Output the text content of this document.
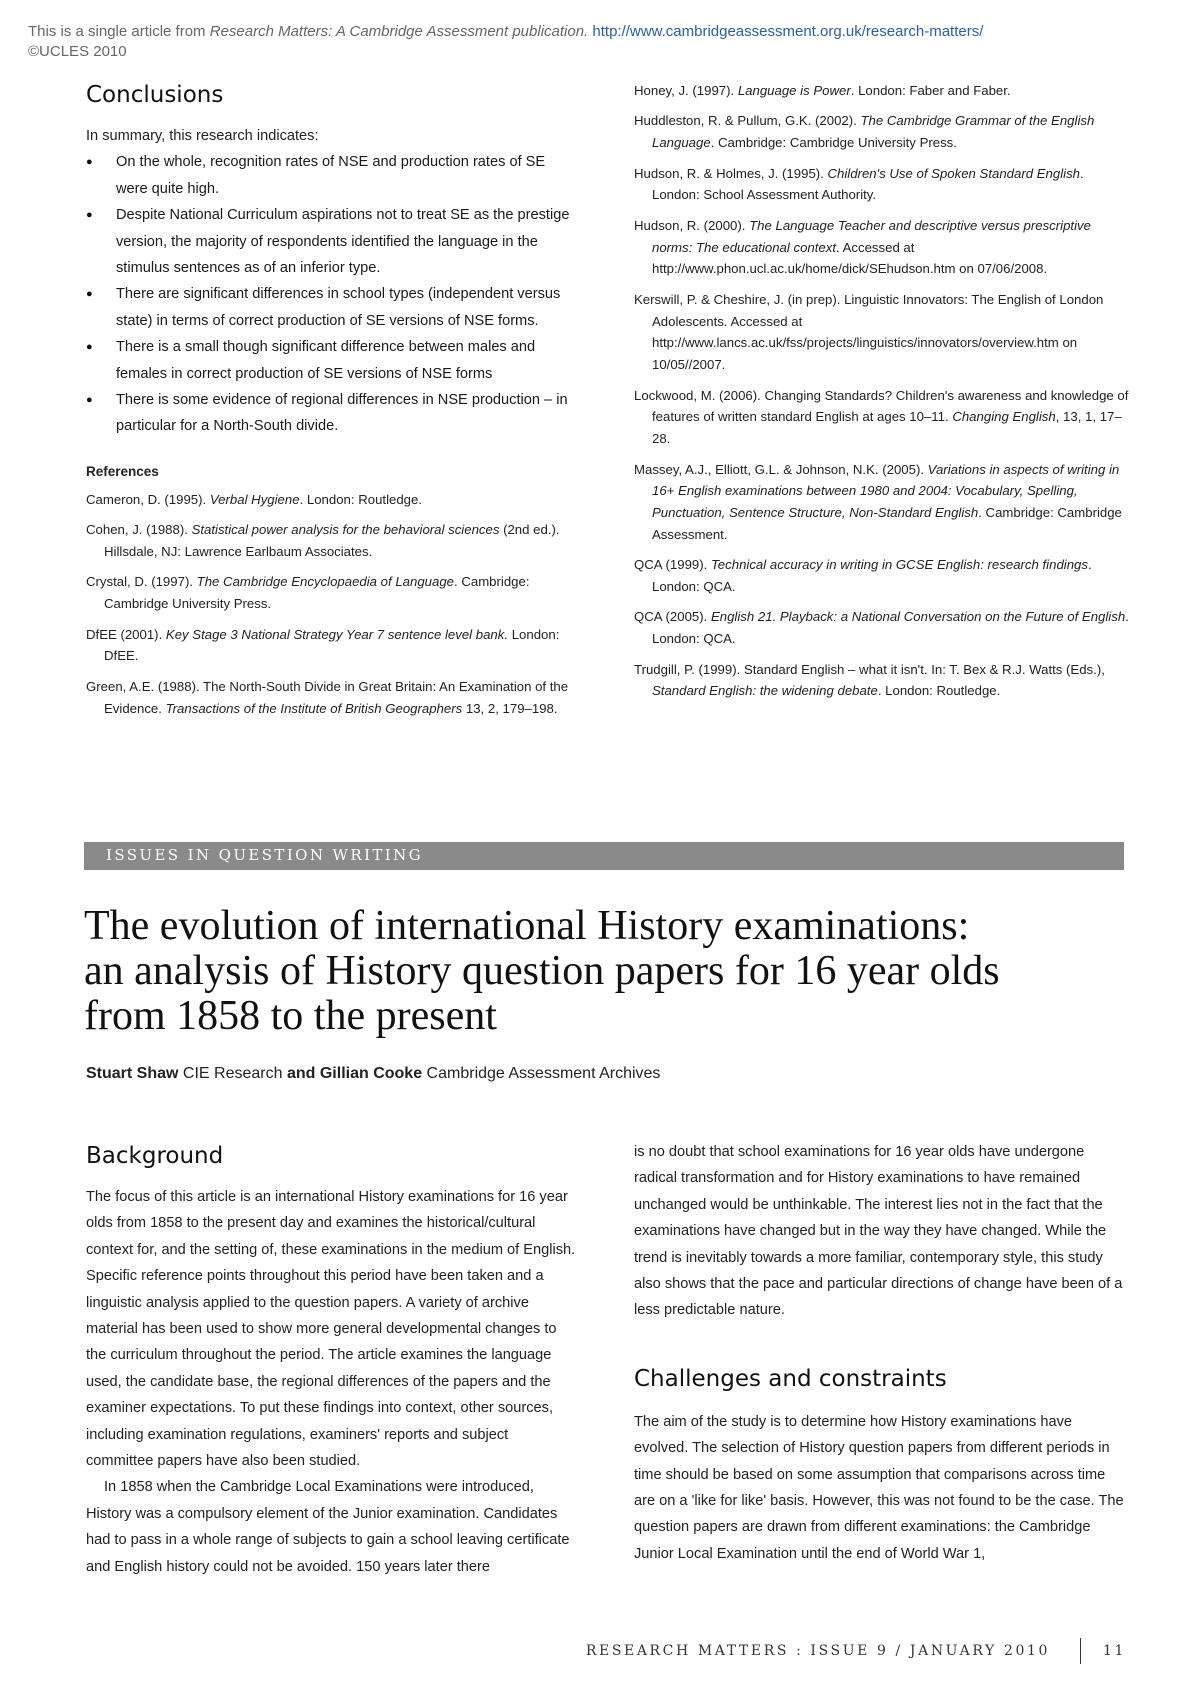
This is a single article from Research Matters: A Cambridge Assessment publication. http://www.cambridgeassessment.org.uk/research-matters/
©UCLES 2010
Conclusions
In summary, this research indicates:
● On the whole, recognition rates of NSE and production rates of SE were quite high.
● Despite National Curriculum aspirations not to treat SE as the prestige version, the majority of respondents identified the language in the stimulus sentences as of an inferior type.
● There are significant differences in school types (independent versus state) in terms of correct production of SE versions of NSE forms.
● There is a small though significant difference between males and females in correct production of SE versions of NSE forms
● There is some evidence of regional differences in NSE production – in particular for a North-South divide.
References
Cameron, D. (1995). Verbal Hygiene. London: Routledge.
Cohen, J. (1988). Statistical power analysis for the behavioral sciences (2nd ed.). Hillsdale, NJ: Lawrence Earlbaum Associates.
Crystal, D. (1997). The Cambridge Encyclopaedia of Language. Cambridge: Cambridge University Press.
DfEE (2001). Key Stage 3 National Strategy Year 7 sentence level bank. London: DfEE.
Green, A.E. (1988). The North-South Divide in Great Britain: An Examination of the Evidence. Transactions of the Institute of British Geographers 13, 2, 179–198.
Honey, J. (1997). Language is Power. London: Faber and Faber.
Huddleston, R. & Pullum, G.K. (2002). The Cambridge Grammar of the English Language. Cambridge: Cambridge University Press.
Hudson, R. & Holmes, J. (1995). Children's Use of Spoken Standard English. London: School Assessment Authority.
Hudson, R. (2000). The Language Teacher and descriptive versus prescriptive norms: The educational context. Accessed at http://www.phon.ucl.ac.uk/home/dick/SEhudson.htm on 07/06/2008.
Kerswill, P. & Cheshire, J. (in prep). Linguistic Innovators: The English of London Adolescents. Accessed at http://www.lancs.ac.uk/fss/projects/linguistics/innovators/overview.htm on 10/05//2007.
Lockwood, M. (2006). Changing Standards? Children's awareness and knowledge of features of written standard English at ages 10–11. Changing English, 13, 1, 17–28.
Massey, A.J., Elliott, G.L. & Johnson, N.K. (2005). Variations in aspects of writing in 16+ English examinations between 1980 and 2004: Vocabulary, Spelling, Punctuation, Sentence Structure, Non-Standard English. Cambridge: Cambridge Assessment.
QCA (1999). Technical accuracy in writing in GCSE English: research findings. London: QCA.
QCA (2005). English 21. Playback: a National Conversation on the Future of English. London: QCA.
Trudgill, P. (1999). Standard English – what it isn't. In: T. Bex & R.J. Watts (Eds.), Standard English: the widening debate. London: Routledge.
ISSUES IN QUESTION WRITING
The evolution of international History examinations:
an analysis of History question papers for 16 year olds
from 1858 to the present
Stuart Shaw CIE Research and Gillian Cooke Cambridge Assessment Archives
Background

The focus of this article is an international History examinations for 16 year olds from 1858 to the present day and examines the historical/cultural context for, and the setting of, these examinations in the medium of English. Specific reference points throughout this period have been taken and a linguistic analysis applied to the question papers. A variety of archive material has been used to show more general developmental changes to the curriculum throughout the period. The article examines the language used, the candidate base, the regional differences of the papers and the examiner expectations. To put these findings into context, other sources, including examination regulations, examiners' reports and subject committee papers have also been studied.

In 1858 when the Cambridge Local Examinations were introduced, History was a compulsory element of the Junior examination. Candidates had to pass in a whole range of subjects to gain a school leaving certificate and English history could not be avoided. 150 years later there

is no doubt that school examinations for 16 year olds have undergone radical transformation and for History examinations to have remained unchanged would be unthinkable. The interest lies not in the fact that the examinations have changed but in the way they have changed. While the trend is inevitably towards a more familiar, contemporary style, this study also shows that the pace and particular directions of change have been of a less predictable nature.

Challenges and constraints

The aim of the study is to determine how History examinations have evolved. The selection of History question papers from different periods in time should be based on some assumption that comparisons across time are on a 'like for like' basis. However, this was not found to be the case. The question papers are drawn from different examinations: the Cambridge Junior Local Examination until the end of World War 1,

RESEARCH MATTERS : ISSUE 9 / JANUARY 2010	11
